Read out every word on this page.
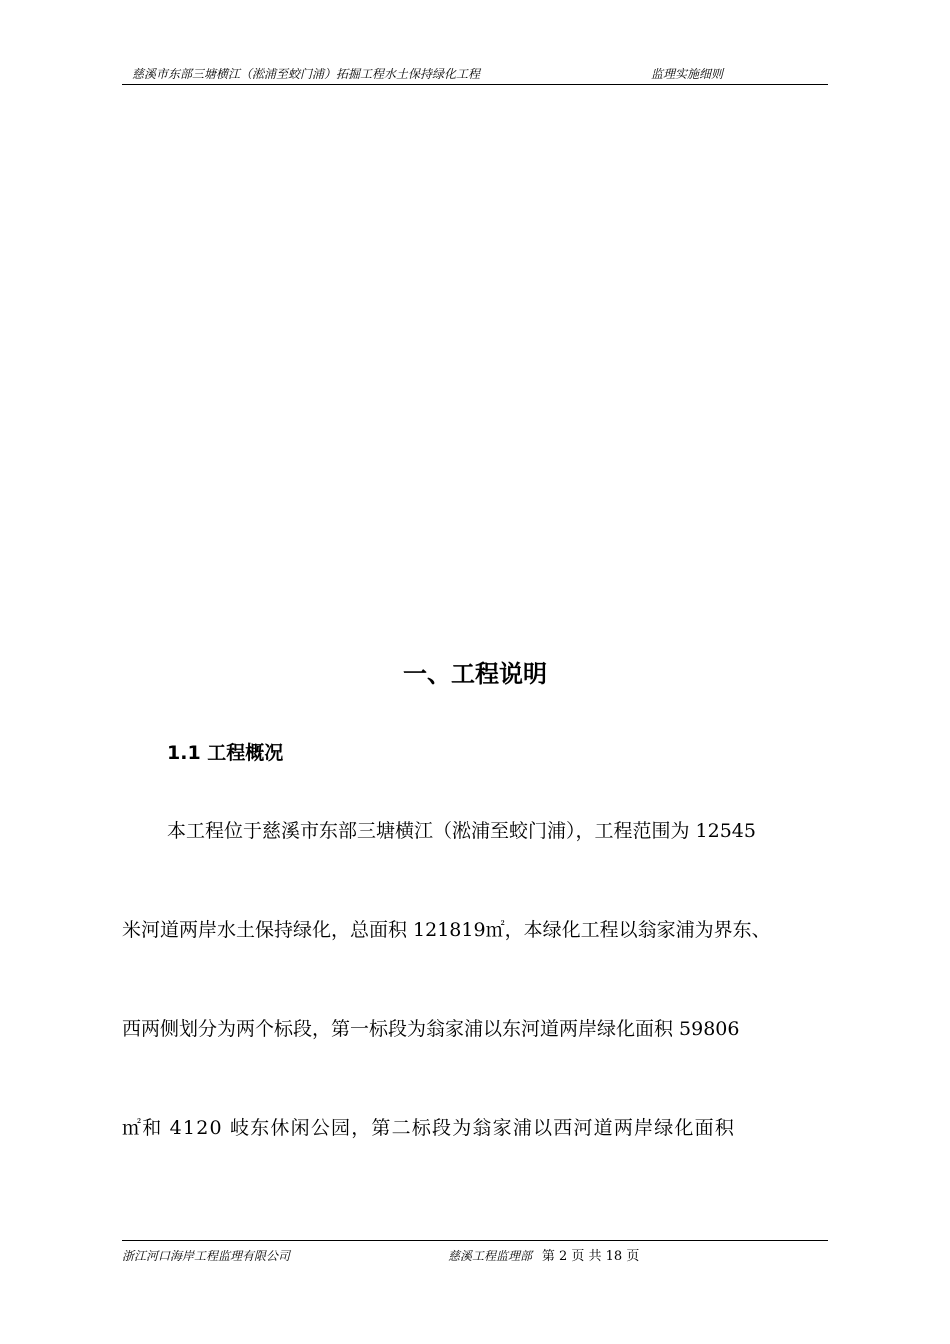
慈溪市东部三塘横江（淞浦至蛟门浦）拓掘工程水土保持绿化工程	监理实施细则
一、工程说明
1.1 工程概况
本工程位于慈溪市东部三塘横江（淞浦至蛟门浦），工程范围为 12545
米河道两岸水土保持绿化，总面积 121819㎡，本绿化工程以翁家浦为界东、
西两侧划分为两个标段，第一标段为翁家浦以东河道两岸绿化面积 59806
㎡和 4120 岐东休闲公园，第二标段为翁家浦以西河道两岸绿化面积
浙江河口海岸工程监理有限公司	慈溪工程监理部 第 2 页 共 18 页
